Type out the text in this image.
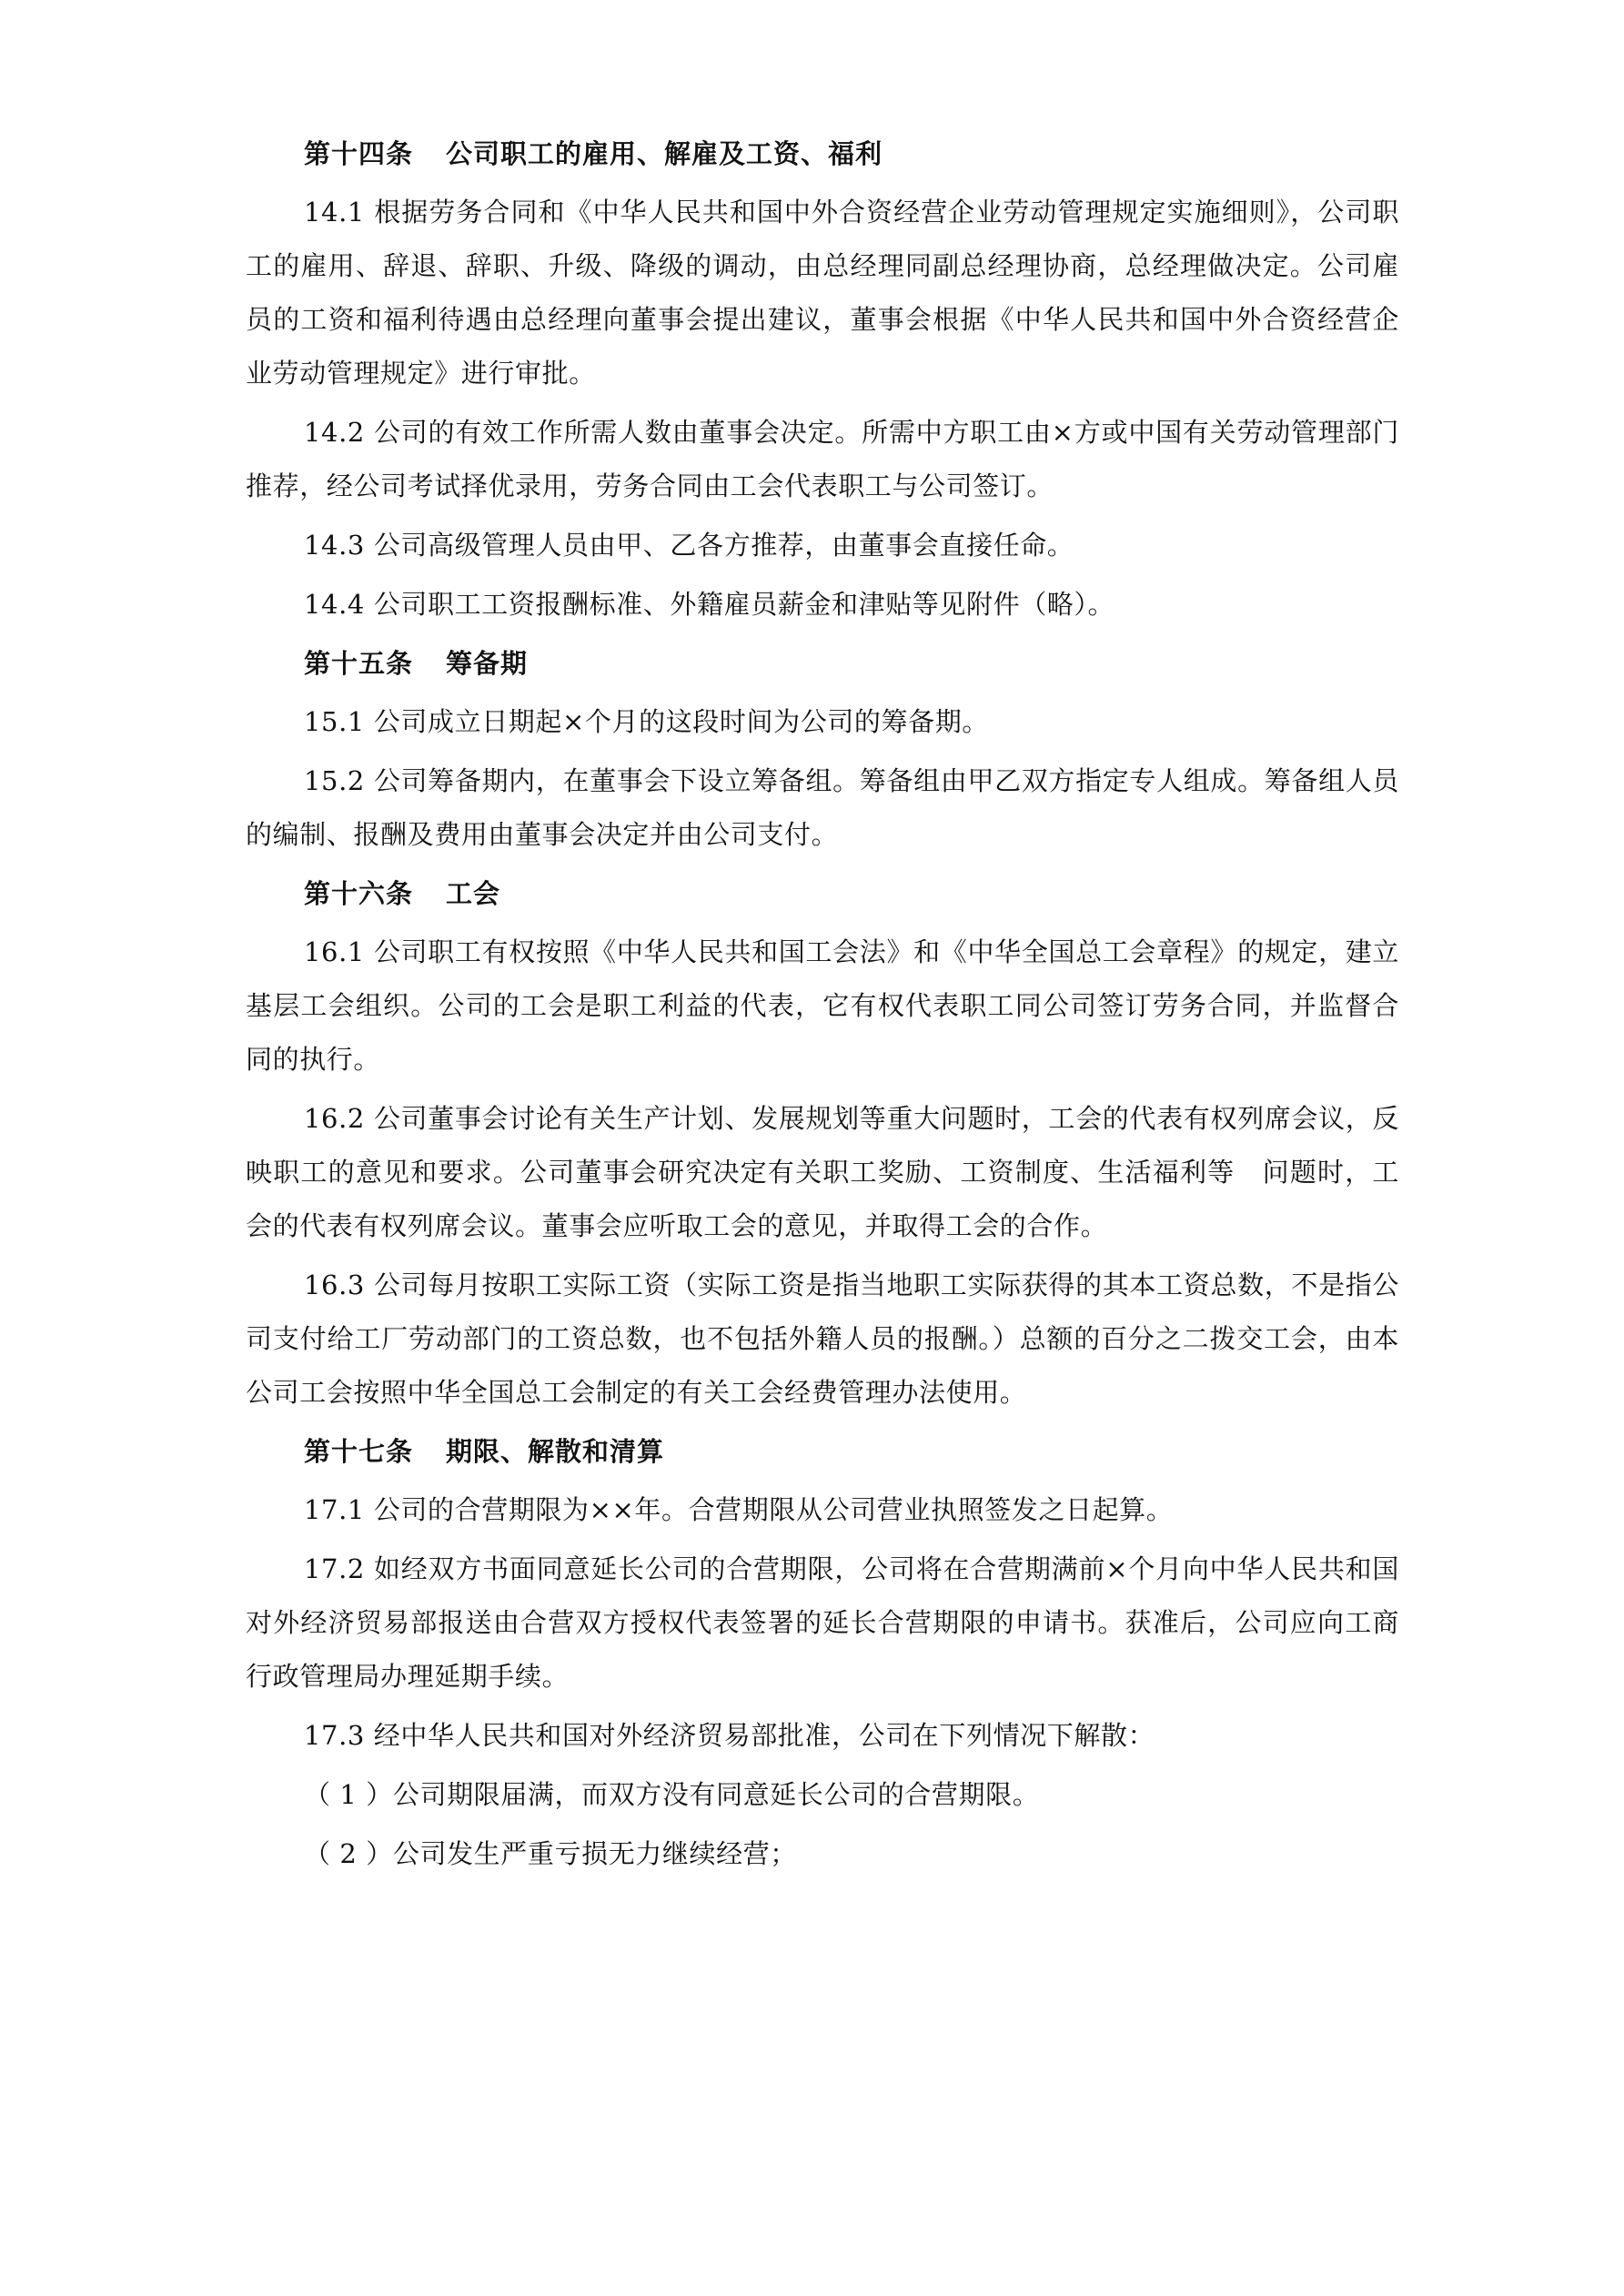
第十四条 公司职工的雇用、解雇及工资、福利

14.1 根据劳务合同和《中华人民共和国中外合资经营企业劳动管理规定实施细则》，公司职工的雇用、辞退、辞职、升级、降级的调动，由总经理同副总经理协商，总经理做决定。公司雇员的工资和福利待遇由总经理向董事会提出建议，董事会根据《中华人民共和国中外合资经营企业劳动管理规定》进行审批。

14.2 公司的有效工作所需人数由董事会决定。所需中方职工由×方或中国有关劳动管理部门推荐，经公司考试择优录用，劳务合同由工会代表职工与公司签订。

14.3 公司高级管理人员由甲、乙各方推荐，由董事会直接任命。

14.4 公司职工工资报酬标准、外籍雇员薪金和津贴等见附件（略）。

第十五条 筹备期

15.1 公司成立日期起×个月的这段时间为公司的筹备期。

15.2 公司筹备期内，在董事会下设立筹备组。筹备组由甲乙双方指定专人组成。筹备组人员的编制、报酬及费用由董事会决定并由公司支付。

第十六条 工会

16.1 公司职工有权按照《中华人民共和国工会法》和《中华全国总工会章程》的规定，建立基层工会组织。公司的工会是职工利益的代表，它有权代表职工同公司签订劳务合同，并监督合同的执行。

16.2 公司董事会讨论有关生产计划、发展规划等重大问题时，工会的代表有权列席会议，反映职工的意见和要求。公司董事会研究决定有关职工奖励、工资制度、生活福利等　问题时，工会的代表有权列席会议。董事会应听取工会的意见，并取得工会的合作。

16.3 公司每月按职工实际工资（实际工资是指当地职工实际获得的其本工资总数，不是指公司支付给工厂劳动部门的工资总数，也不包括外籍人员的报酬。）总额的百分之二拨交工会，由本公司工会按照中华全国总工会制定的有关工会经费管理办法使用。

第十七条 期限、解散和清算

17.1 公司的合营期限为××年。合营期限从公司营业执照签发之日起算。

17.2 如经双方书面同意延长公司的合营期限，公司将在合营期满前×个月向中华人民共和国对外经济贸易部报送由合营双方授权代表签署的延长合营期限的申请书。获准后，公司应向工商行政管理局办理延期手续。

17.3 经中华人民共和国对外经济贸易部批准，公司在下列情况下解散：

（ 1 ）公司期限届满，而双方没有同意延长公司的合营期限。
（ 2 ）公司发生严重亏损无力继续经营；
